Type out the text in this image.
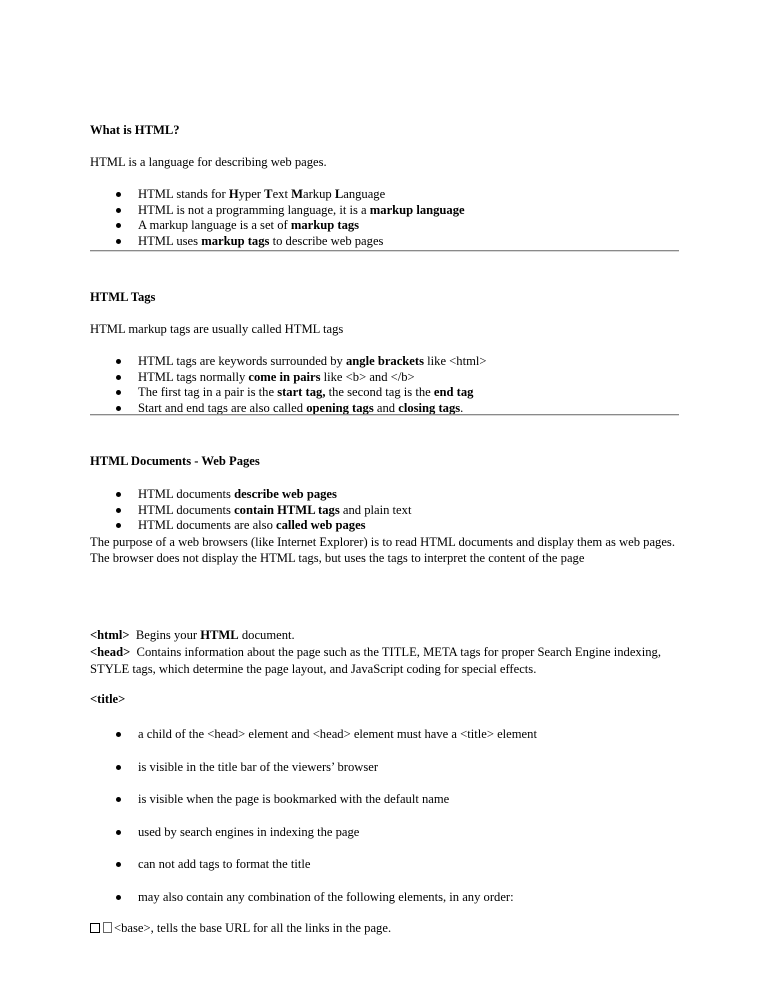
What is HTML?

HTML is a language for describing web pages.

HTML stands for Hyper Text Markup Language
HTML is not a programming language, it is a markup language
A markup language is a set of markup tags
HTML uses markup tags to describe web pages

HTML Tags

HTML markup tags are usually called HTML tags

HTML tags are keywords surrounded by angle brackets like <html>
HTML tags normally come in pairs like <b> and </b>
The first tag in a pair is the start tag, the second tag is the end tag
Start and end tags are also called opening tags and closing tags.

HTML Documents - Web Pages

HTML documents describe web pages
HTML documents contain HTML tags and plain text
HTML documents are also called web pages

The purpose of a web browsers (like Internet Explorer) is to read HTML documents and display them as web pages.

The browser does not display the HTML tags, but uses the tags to interpret the content of the page

<html>  Begins your HTML document.

<head>  Contains information about the page such as the TITLE, META tags for proper Search Engine indexing,

STYLE tags, which determine the page layout, and JavaScript coding for special effects.

<title>

a child of the <head> element and <head> element must have a <title> element
is visible in the title bar of the viewers’ browser
is visible when the page is bookmarked with the default name
used by search engines in indexing the page
can not add tags to format the title
may also contain any combination of the following elements, in any order:

<base>, tells the base URL for all the links in the page.
